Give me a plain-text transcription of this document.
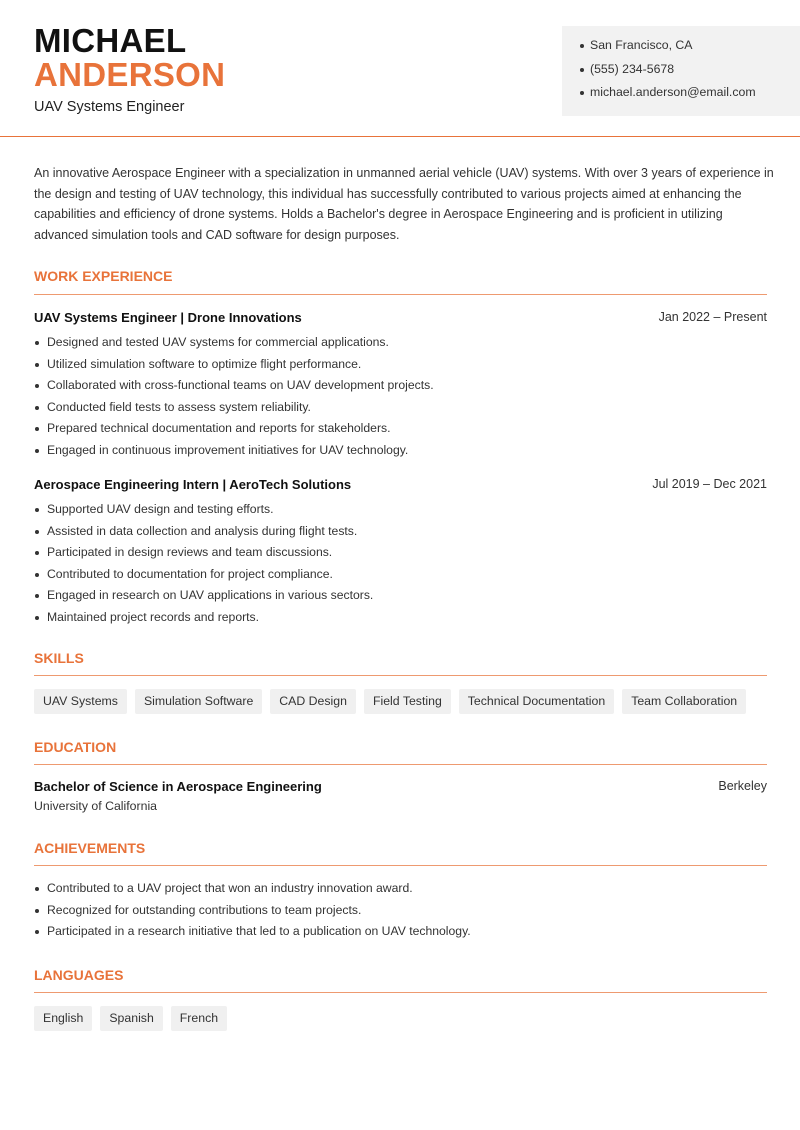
MICHAEL
ANDERSON
UAV Systems Engineer
San Francisco, CA
(555) 234-5678
michael.anderson@email.com
An innovative Aerospace Engineer with a specialization in unmanned aerial vehicle (UAV) systems. With over 3 years of experience in the design and testing of UAV technology, this individual has successfully contributed to various projects aimed at enhancing the capabilities and efficiency of drone systems. Holds a Bachelor's degree in Aerospace Engineering and is proficient in utilizing advanced simulation tools and CAD software for design purposes.
WORK EXPERIENCE
UAV Systems Engineer | Drone Innovations	Jan 2022 – Present
Designed and tested UAV systems for commercial applications.
Utilized simulation software to optimize flight performance.
Collaborated with cross-functional teams on UAV development projects.
Conducted field tests to assess system reliability.
Prepared technical documentation and reports for stakeholders.
Engaged in continuous improvement initiatives for UAV technology.
Aerospace Engineering Intern | AeroTech Solutions	Jul 2019 – Dec 2021
Supported UAV design and testing efforts.
Assisted in data collection and analysis during flight tests.
Participated in design reviews and team discussions.
Contributed to documentation for project compliance.
Engaged in research on UAV applications in various sectors.
Maintained project records and reports.
SKILLS
UAV Systems	Simulation Software	CAD Design	Field Testing	Technical Documentation	Team Collaboration
EDUCATION
Bachelor of Science in Aerospace Engineering	Berkeley
University of California
ACHIEVEMENTS
Contributed to a UAV project that won an industry innovation award.
Recognized for outstanding contributions to team projects.
Participated in a research initiative that led to a publication on UAV technology.
LANGUAGES
English	Spanish	French
